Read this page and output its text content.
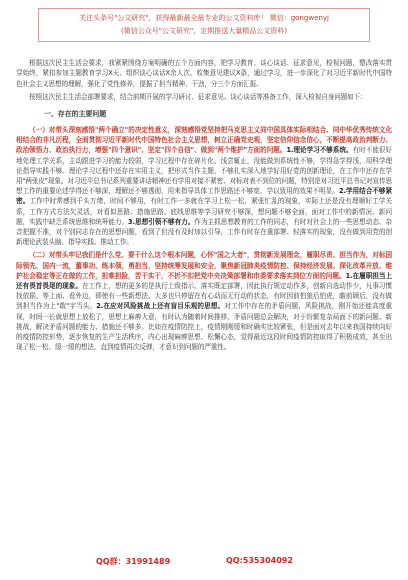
关注头条号"公文研究"，获得最新最全最专业的公文资料库！ 微信：gongwenyj
(微信公众号"公文研究"，定期推送大量精品公文资料)

根据这次民主生活会要求，我紧紧围绕方案明确的五个方面内容，把学习教育、谈心谈话、征求意见，检视问题，整改落实贯穿始终，紧扣参加主题教育学习X天、组织谈心谈话X余人次、收集意见建议X条，通过学习，进一步深化了对习近平新时代中国特色社会主义思想的理解，强化了党性修养，提振了担当精神、干劲，分三个方面汇报。

按照这次民主生活会部署要求，结合前期开展的学习研讨、征求意见、谈心谈话等准备工作，深入检视自身问题如下：

一、存在的主要问题

（一）对带头深刻感悟"两个确立"的决定性意义，深刻感悟党坚持把马克思主义同中国具体实际相结合、同中华优秀传统文化相结合的非凡历程，全面贯彻习近平新时代中国特色社会主义思想，树立正确党史观，坚定信仰信念信心，不断提高政治判断力、政治领悟力、政治执行力，增强"四个意识"、坚定"四个自信"、做到"两个维护"方面的问题。1.理论学习不够系统。有时不能很好地处理工学关系，主动跟进学习的能力较弱，学习过程中存在碎片化、浅尝辄止，没能做到系统性不够，学得急学得浅，用科学理论指导实践不够。理论学习过程中还存在实用主义，把形式当作主题，不够扎实深入地学好用好党的创新理论，在工作中还存在学用"两张皮"现象。对习近平总书记系列重要讲话精神还有学用对接不紧密、对标对表不到位的问题，特别是对习近平总书记对宣传思想工作的重要论述学得还不够深，理解还不够透彻，用来指导具体工作思路还不够宽，学以致用的效果不明显。2.学用结合不够紧密。工作中时常感到千头万绪，时间不够用，有时工作一多就在学习上松一松，紧张忙乱的现象，实际上还是没有理顺好工学关系，工作方式方法欠灵活，对看似思路、措施思路、底线思维等学习研究不够深，想问题不够全面，面对工作中的新情况、新问题，实践中缺乏系统思维和统筹能力。3.思想引领不够有力。作为主抓思想教育的工作的同志，有时对社会上的一些思想动态、杂音把握不准，对个别同志存在的思想问题，看到了但没有及时加以引导，工作有时存在重部署、轻落实的现象，没有做到用党的创新理论武装头脑、指导实践、推动工作。

（二）对带头牢记我们是什么党、要干什么这个根本问题，心怀"国之大者"，贯彻新发展理念，履职尽责、担当作为，对标国际领先、国内一流，董事功、练本领，勇担当，坚持统筹发展和安全，聚焦新冠肺炎疫情防控、保持经济发展、深化改革开放、维护社会稳定等正在做的工作，担难担险，苦干实干，不折不扣把党中央决策部署和市委要求落实到位方面的问题。1.在履职担当上还有畏首畏尾的现象。在工作上，想的更多的是执行上级指示、落实既定部署，因此执行规定动作多，创新自选动作少，凡事习惯找依据、等上面、看外边，即使有一些新想法、大多也只停留在有心动而无行动的状态，有时因前怕狼后怕虎，瞻前顾后，没有做到担当作为上"敢"字当头。2.在应对风险挑战上还有盲目乐观的思想。对工作中存在的矛盾问题、风险挑战，刚开始还能高度重视，时间一长就思想上放松了，思想上麻痹大意，有时认为随着时间推移，矛盾问题总会解决，对于纷繁复杂局面下的新问题、新挑战，解决矛盾问题的能力、措施还不够多。比如在疫情防控上，疫情刚刚缓和时确实比较紧张，但是面对去年以来我国持续向好的疫情防控形势，逐步恢复的生产生活秩序，内心出现麻痹思想、松懈心态，觉得最近这段时间疫情防控取得了积极成效，甚至出现了松一松、缓一缓的想法，直到疫情再次反弹，才意识到问题的严重性。

QQ群：31991489	QQ:535304092
